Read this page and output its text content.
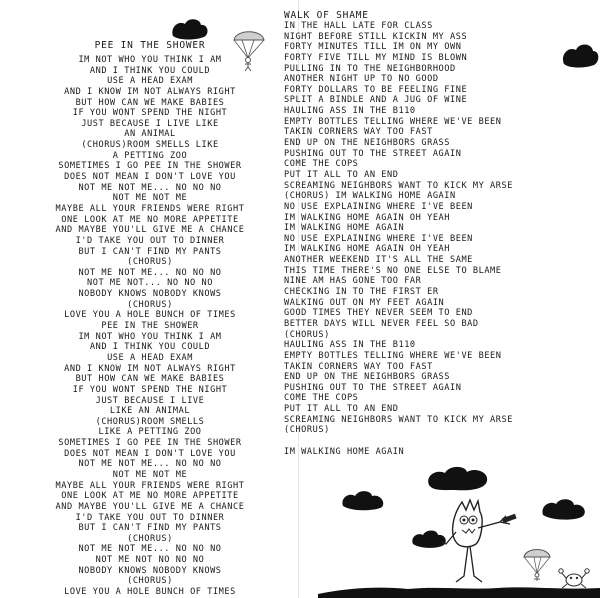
PEE IN THE SHOWER
IM NOT WHO YOU THINK I AM
AND I THINK YOU COULD
USE A HEAD EXAM
AND I KNOW IM NOT ALWAYS RIGHT
BUT HOW CAN WE MAKE BABIES
IF YOU WONT SPEND THE NIGHT
JUST BECAUSE I LIVE LIKE
AN ANIMAL
(CHORUS)ROOM SMELLS LIKE
A PETTING ZOO
SOMETIMES I GO PEE IN THE SHOWER
DOES NOT MEAN I DON'T LOVE YOU
NOT ME NOT ME... NO NO NO
NOT ME NOT ME
MAYBE ALL YOUR FRIENDS WERE RIGHT
ONE LOOK AT ME NO MORE APPETITE
AND MAYBE YOU'LL GIVE ME A CHANCE
I'D TAKE YOU OUT TO DINNER
BUT I CAN'T FIND MY PANTS
(CHORUS)
NOT ME NOT ME... NO NO NO
NOT ME NOT... NO NO NO
NOBODY KNOWS NOBODY KNOWS
(CHORUS)
LOVE YOU A HOLE BUNCH OF TIMES
PEE IN THE SHOWER
IM NOT WHO YOU THINK I AM
AND I THINK YOU COULD
USE A HEAD EXAM
AND I KNOW IM NOT ALWAYS RIGHT
BUT HOW CAN WE MAKE BABIES
IF YOU WONT SPEND THE NIGHT
JUST BECAUSE I LIVE
LIKE AN ANIMAL
(CHORUS)ROOM SMELLS
LIKE A PETTING ZOO
SOMETIMES I GO PEE IN THE SHOWER
DOES NOT MEAN I DON'T LOVE YOU
NOT ME NOT ME... NO NO NO
NOT ME NOT ME
MAYBE ALL YOUR FRIENDS WERE RIGHT
ONE LOOK AT ME NO MORE APPETITE
AND MAYBE YOU'LL GIVE ME A CHANCE
I'D TAKE YOU OUT TO DINNER
BUT I CAN'T FIND MY PANTS
(CHORUS)
NOT ME NOT ME... NO NO NO
NOT ME NOT NO NO NO
NOBODY KNOWS NOBODY KNOWS
(CHORUS)
LOVE YOU A HOLE BUNCH OF TIMES
WALK OF SHAME
IN THE HALL LATE FOR CLASS
NIGHT BEFORE STILL KICKIN MY ASS
FORTY MINUTES TILL IM ON MY OWN
FORTY FIVE TILL MY MIND IS BLOWN
PULLING IN TO THE NEIGHBORHOOD
ANOTHER NIGHT UP TO NO GOOD
FORTY DOLLARS TO BE FEELING FINE
SPLIT A BINDLE AND A JUG OF WINE
HAULING ASS IN THE B110
EMPTY BOTTLES TELLING WHERE WE'VE BEEN
TAKIN CORNERS WAY TOO FAST
END UP ON THE NEIGHBORS GRASS
PUSHING OUT TO THE STREET AGAIN
COME THE COPS
PUT IT ALL TO AN END
SCREAMING NEIGHBORS WANT TO KICK MY ARSE
(CHORUS) IM WALKING HOME AGAIN
NO USE EXPLAINING WHERE I'VE BEEN
IM WALKING HOME AGAIN OH YEAH
IM WALKING HOME AGAIN
NO USE EXPLAINING WHERE I'VE BEEN
IM WALKING HOME AGAIN OH YEAH
ANOTHER WEEKEND IT'S ALL THE SAME
THIS TIME THERE'S NO ONE ELSE TO BLAME
NINE AM HAS GONE TOO FAR
CHECKING IN TO THE FIRST ER
WALKING OUT ON MY FEET AGAIN
GOOD TIMES THEY NEVER SEEM TO END
BETTER DAYS WILL NEVER FEEL SO BAD
(CHORUS)
HAULING ASS IN THE B110
EMPTY BOTTLES TELLING WHERE WE'VE BEEN
TAKIN CORNERS WAY TOO FAST
END UP ON THE NEIGHBORS GRASS
PUSHING OUT TO THE STREET AGAIN
COME THE COPS
PUT IT ALL TO AN END
SCREAMING NEIGHBORS WANT TO KICK MY ARSE
(CHORUS)
IM WALKING HOME AGAIN
